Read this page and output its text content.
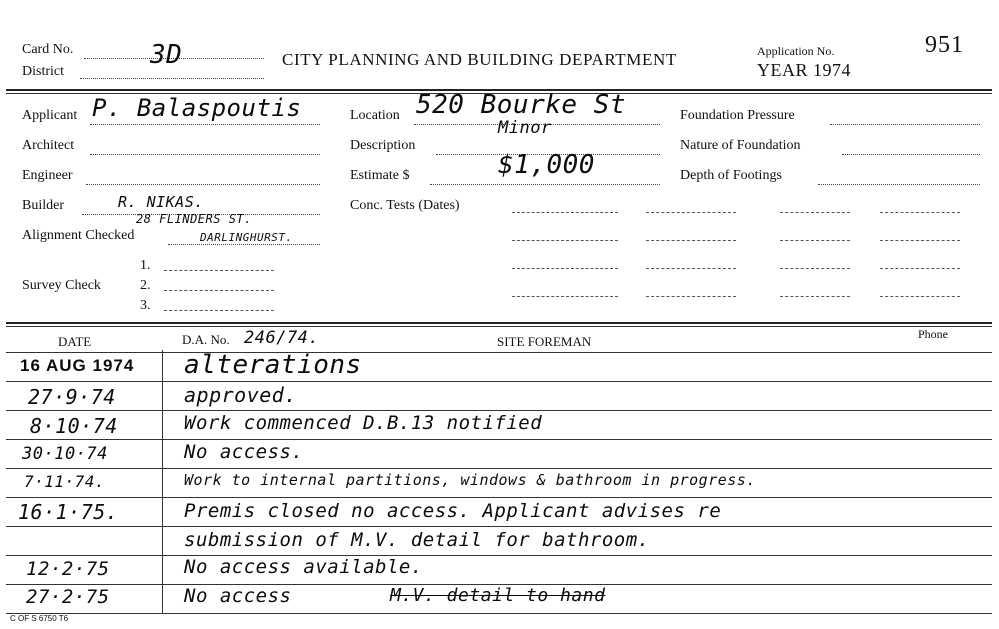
Card No.	3D
District
CITY PLANNING AND BUILDING DEPARTMENT	Application No.
YEAR 1974
951
Applicant P. Balaspoutis
Architect
Engineer
Builder	R. NIKAS.
28 FLINDERS ST.
Alignment Checked	DARLINGHURST.
1.
Survey Check	2.
3.
Location 520 Bourke St
Description
Minor
Estimate $	$1,000
Conc. Tests (Dates)
Foundation Pressure
Nature of Foundation
Depth of Footings
DATE	D.A. No. 246/74.	SITE FOREMAN	Phone
16 AUG 1974 alterations
27·9·74	approved.
8·10·74	Work commenced D.B.13 notified
30·10·74	No access.
7·11·74.	Work to internal partitions, windows & bathroom in progress.
16·1·75.	Premis closed no access. Applicant advises re
submission of M.V. detail for bathroom.
12·2·75	No access available.
27·2·75	No access	M.V. detail to hand
C OF S 6750 T6
